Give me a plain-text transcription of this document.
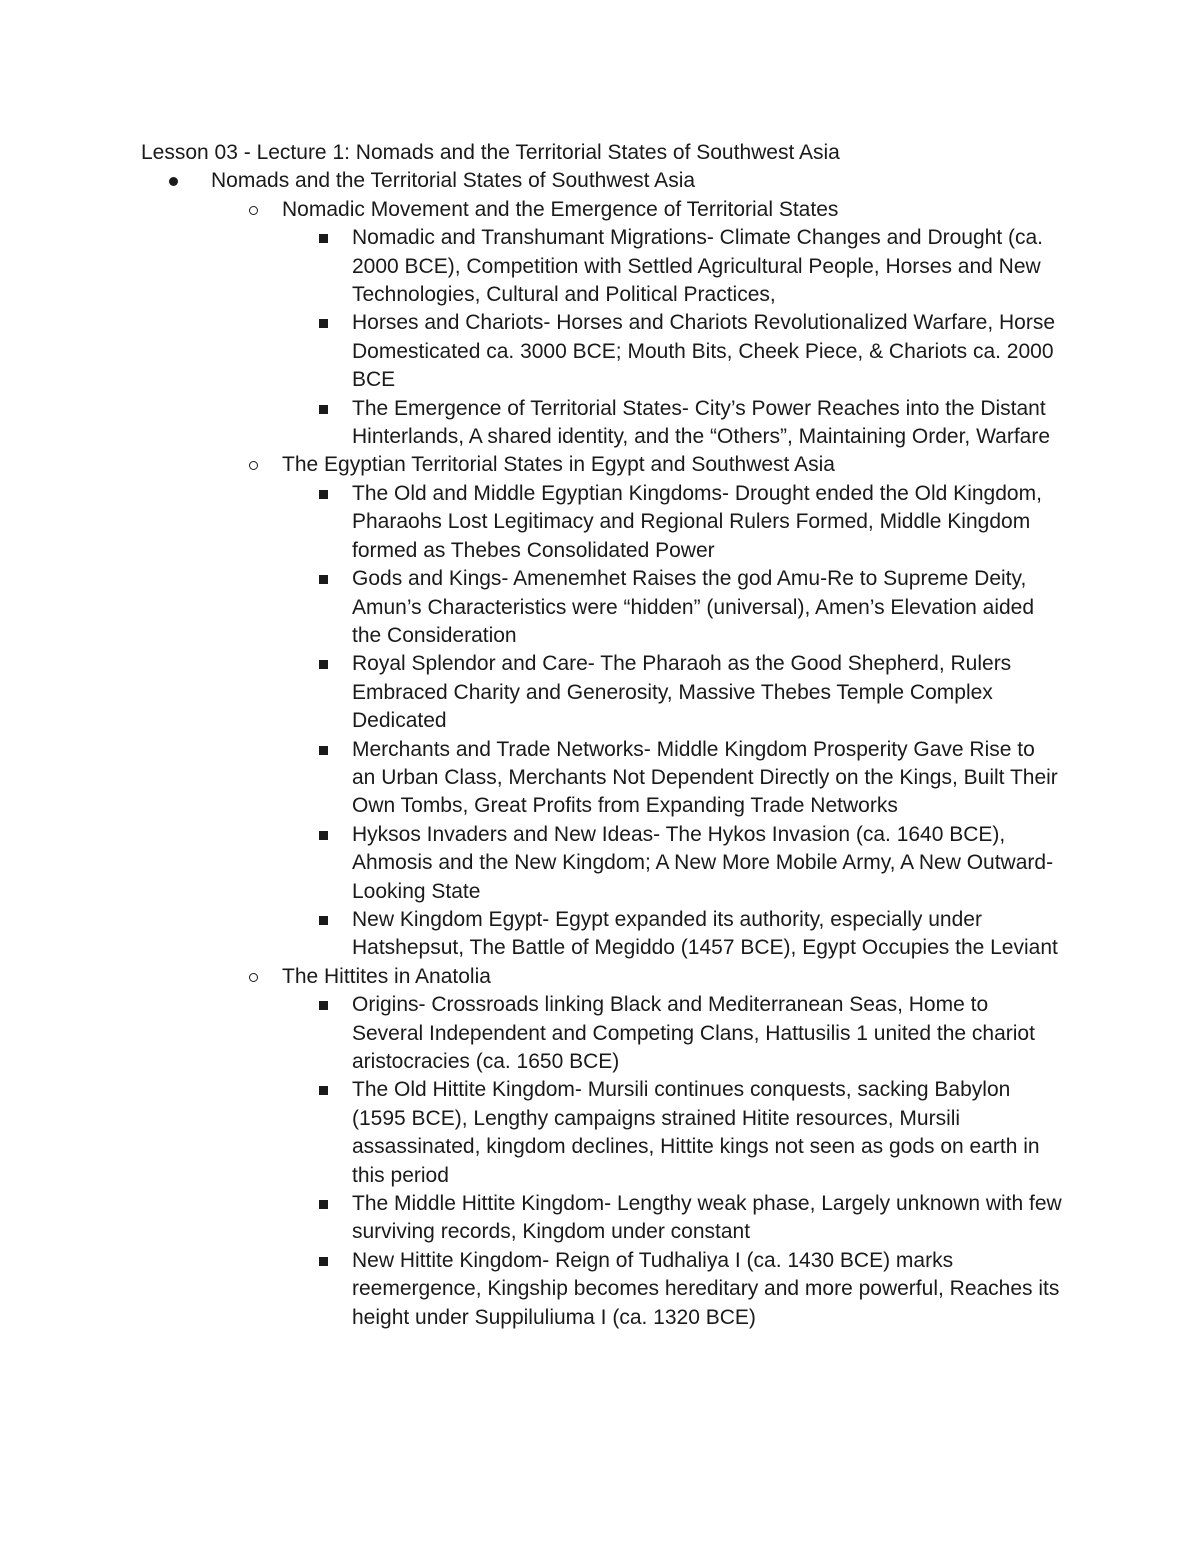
Lesson 03 - Lecture 1: Nomads and the Territorial States of Southwest Asia
Nomads and the Territorial States of Southwest Asia
Nomadic Movement and the Emergence of Territorial States
Nomadic and Transhumant Migrations- Climate Changes and Drought (ca. 2000 BCE), Competition with Settled Agricultural People, Horses and New Technologies, Cultural and Political Practices,
Horses and Chariots- Horses and Chariots Revolutionalized Warfare, Horse Domesticated ca. 3000 BCE; Mouth Bits, Cheek Piece, & Chariots ca. 2000 BCE
The Emergence of Territorial States- City’s Power Reaches into the Distant Hinterlands, A shared identity, and the “Others”, Maintaining Order, Warfare
The Egyptian Territorial States in Egypt and Southwest Asia
The Old and Middle Egyptian Kingdoms- Drought ended the Old Kingdom, Pharaohs Lost Legitimacy and Regional Rulers Formed, Middle Kingdom formed as Thebes Consolidated Power
Gods and Kings- Amenemhet Raises the god Amu-Re to Supreme Deity, Amun’s Characteristics were “hidden” (universal), Amen’s Elevation aided the Consideration
Royal Splendor and Care- The Pharaoh as the Good Shepherd, Rulers Embraced Charity and Generosity, Massive Thebes Temple Complex Dedicated
Merchants and Trade Networks- Middle Kingdom Prosperity Gave Rise to an Urban Class, Merchants Not Dependent Directly on the Kings, Built Their Own Tombs, Great Profits from Expanding Trade Networks
Hyksos Invaders and New Ideas- The Hykos Invasion (ca. 1640 BCE), Ahmosis and the New Kingdom; A New More Mobile Army, A New Outward-Looking State
New Kingdom Egypt- Egypt expanded its authority, especially under Hatshepsut, The Battle of Megiddo (1457 BCE), Egypt Occupies the Leviant
The Hittites in Anatolia
Origins- Crossroads linking Black and Mediterranean Seas, Home to Several Independent and Competing Clans, Hattusilis 1 united the chariot aristocracies (ca. 1650 BCE)
The Old Hittite Kingdom- Mursili continues conquests, sacking Babylon (1595 BCE), Lengthy campaigns strained Hitite resources, Mursili assassinated, kingdom declines, Hittite kings not seen as gods on earth in this period
The Middle Hittite Kingdom- Lengthy weak phase, Largely unknown with few surviving records, Kingdom under constant
New Hittite Kingdom- Reign of Tudhaliya I (ca. 1430 BCE) marks reemergence, Kingship becomes hereditary and more powerful, Reaches its height under Suppiluliuma I (ca. 1320 BCE)
